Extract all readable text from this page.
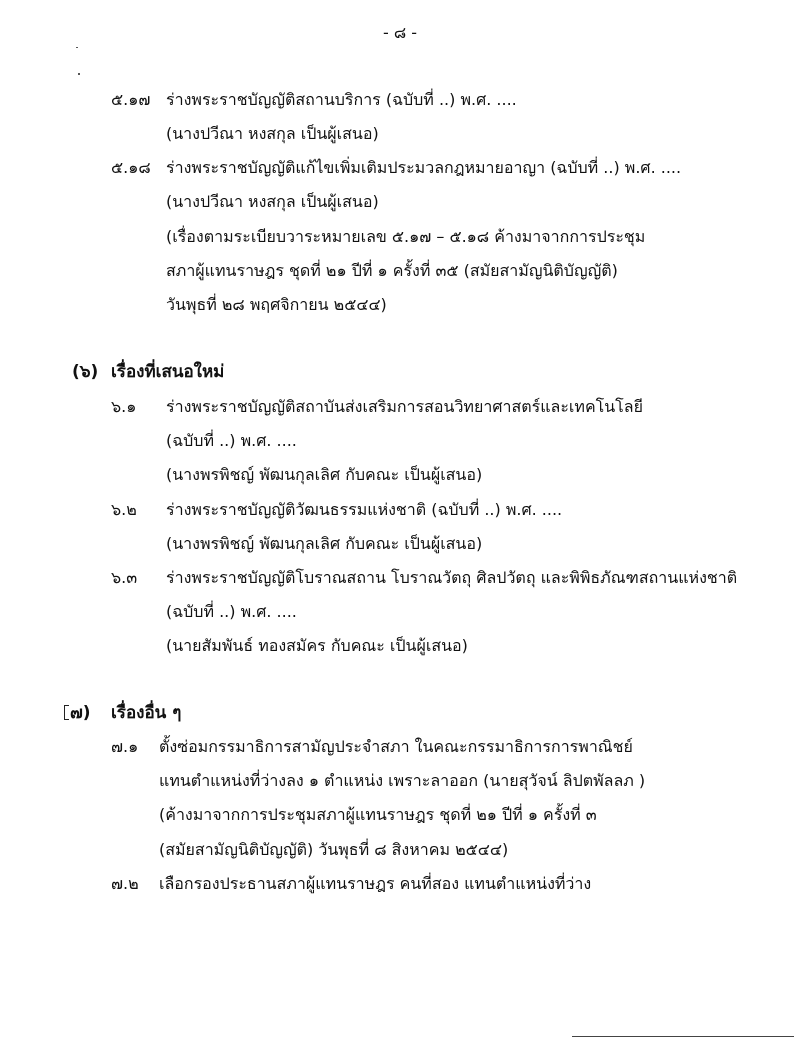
- ๘ -
๕.๑๗ ร่างพระราชบัญญัติสถานบริการ (ฉบับที่ ..) พ.ศ. ....
(นางปวีณา หงสกุล เป็นผู้เสนอ)
๕.๑๘ ร่างพระราชบัญญัติแก้ไขเพิ่มเติมประมวลกฎหมายอาญา (ฉบับที่ ..) พ.ศ. ....
(นางปวีณา หงสกุล เป็นผู้เสนอ)
(เรื่องตามระเบียบวาระหมายเลข ๕.๑๗ – ๕.๑๘ ค้างมาจากการประชุม
สภาผู้แทนราษฎร ชุดที่ ๒๑ ปีที่ ๑ ครั้งที่ ๓๕ (สมัยสามัญนิติบัญญัติ)
วันพุธที่ ๒๘ พฤศจิกายน ๒๕๔๔)
(๖) เรื่องที่เสนอใหม่
๖.๑ ร่างพระราชบัญญัติสถาบันส่งเสริมการสอนวิทยาศาสตร์และเทคโนโลยี
(ฉบับที่ ..) พ.ศ. ....
(นางพรพิชญ์ พัฒนกุลเลิศ กับคณะ เป็นผู้เสนอ)
๖.๒ ร่างพระราชบัญญัติวัฒนธรรมแห่งชาติ (ฉบับที่ ..) พ.ศ. ....
(นางพรพิชญ์ พัฒนกุลเลิศ กับคณะ เป็นผู้เสนอ)
๖.๓ ร่างพระราชบัญญัติโบราณสถาน โบราณวัตถุ ศิลปวัตถุ และพิพิธภัณฑสถานแห่งชาติ
(ฉบับที่ ..) พ.ศ. ....
(นายสัมพันธ์ ทองสมัคร กับคณะ เป็นผู้เสนอ)
๗) เรื่องอื่น ๆ
๗.๑ ตั้งซ่อมกรรมาธิการสามัญประจำสภา ในคณะกรรมาธิการการพาณิชย์
แทนตำแหน่งที่ว่างลง ๑ ตำแหน่ง เพราะลาออก (นายสุวัจน์ ลิปตพัลลภ )
(ค้างมาจากการประชุมสภาผู้แทนราษฎร ชุดที่ ๒๑ ปีที่ ๑ ครั้งที่ ๓
(สมัยสามัญนิติบัญญัติ) วันพุธที่ ๘ สิงหาคม ๒๕๔๔)
๗.๒ เลือกรองประธานสภาผู้แทนราษฎร คนที่สอง แทนตำแหน่งที่ว่าง
